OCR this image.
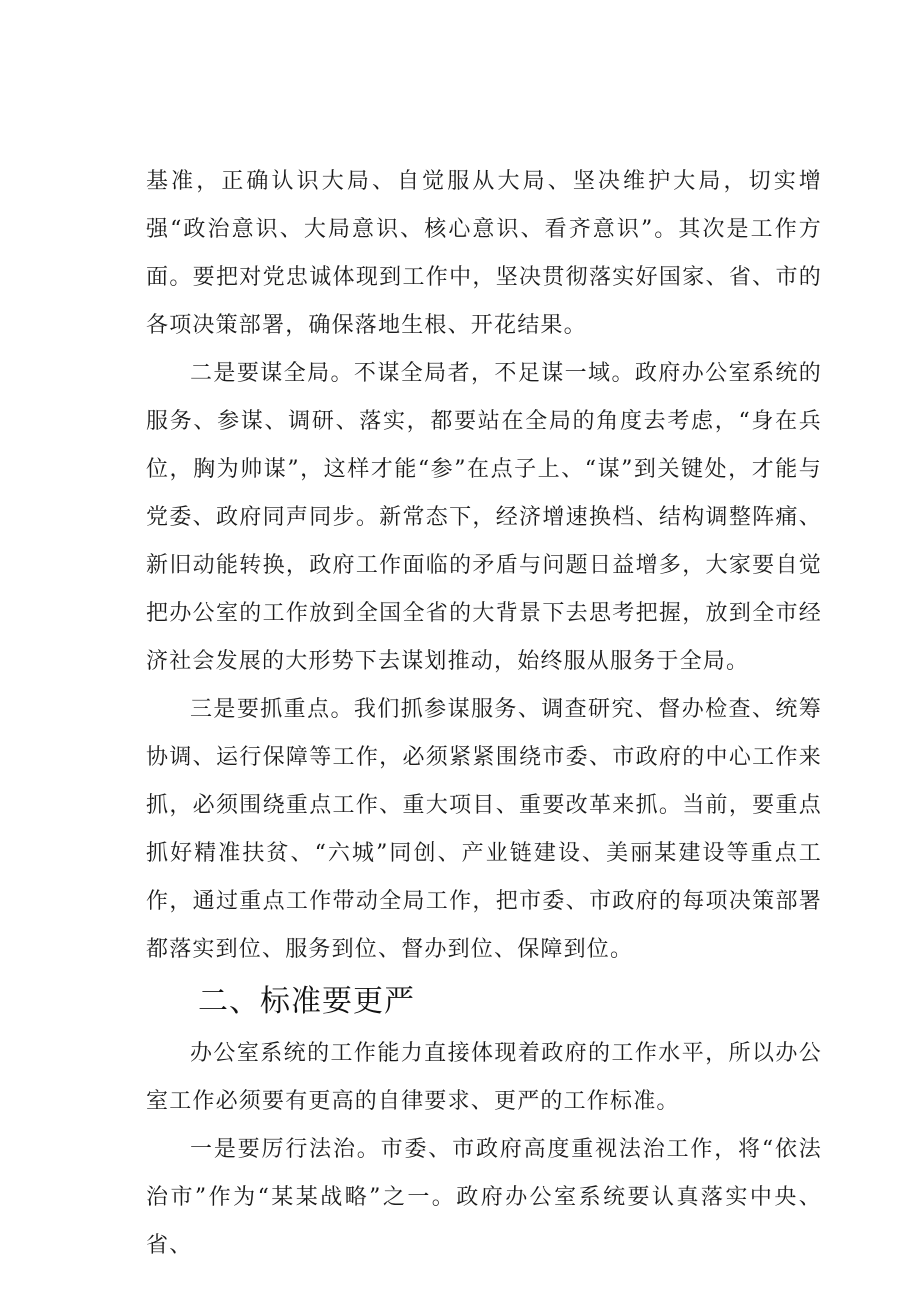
基准，正确认识大局、自觉服从大局、坚决维护大局，切实增强“政治意识、大局意识、核心意识、看齐意识”。其次是工作方面。要把对党忠诚体现到工作中，坚决贯彻落实好国家、省、市的各项决策部署，确保落地生根、开花结果。

二是要谋全局。不谋全局者，不足谋一域。政府办公室系统的服务、参谋、调研、落实，都要站在全局的角度去考虑，“身在兵位，胸为帅谋”，这样才能“参”在点子上、“谋”到关键处，才能与党委、政府同声同步。新常态下，经济增速换档、结构调整阵痛、新旧动能转换，政府工作面临的矛盾与问题日益增多，大家要自觉把办公室的工作放到全国全省的大背景下去思考把握，放到全市经济社会发展的大形势下去谋划推动，始终服从服务于全局。

三是要抓重点。我们抓参谋服务、调查研究、督办检查、统筹协调、运行保障等工作，必须紧紧围绕市委、市政府的中心工作来抓，必须围绕重点工作、重大项目、重要改革来抓。当前，要重点抓好精准扶贫、“六城”同创、产业链建设、美丽某建设等重点工作，通过重点工作带动全局工作，把市委、市政府的每项决策部署都落实到位、服务到位、督办到位、保障到位。

二、标准要更严

办公室系统的工作能力直接体现着政府的工作水平，所以办公室工作必须要有更高的自律要求、更严的工作标准。

一是要厉行法治。市委、市政府高度重视法治工作，将“依法治市”作为“某某战略”之一。政府办公室系统要认真落实中央、省、
